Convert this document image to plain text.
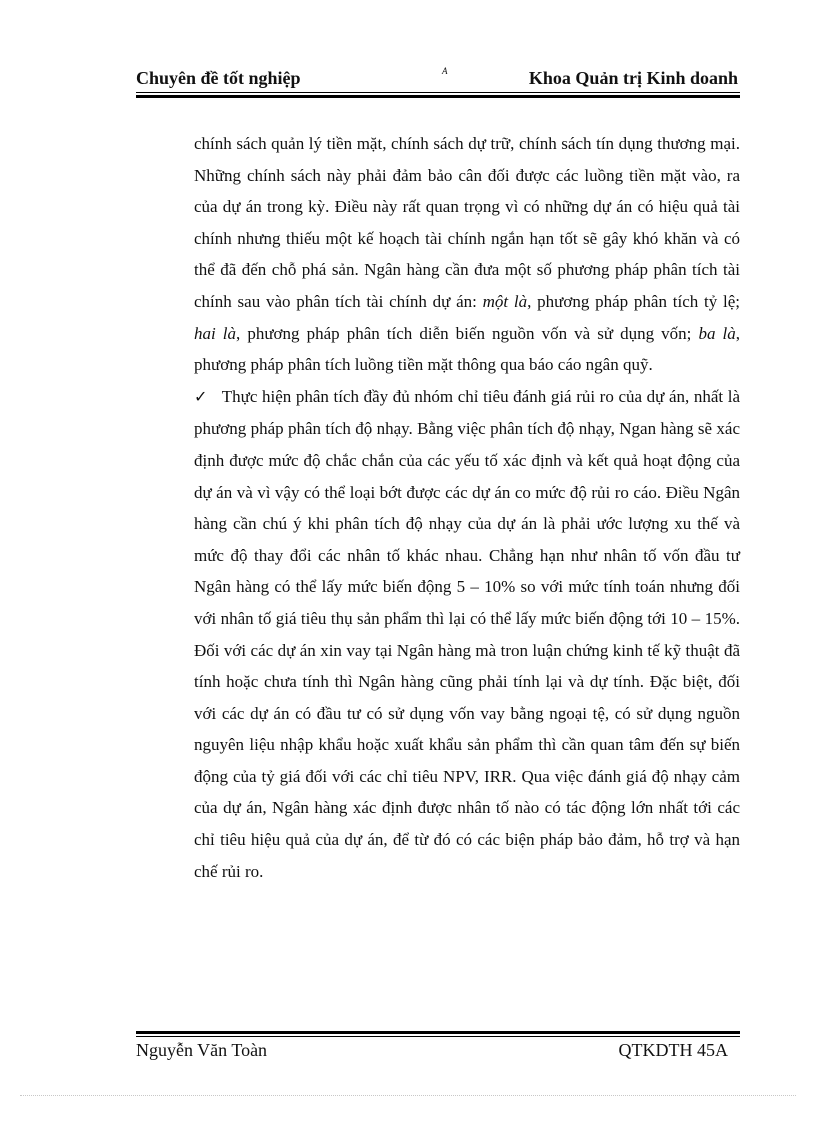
Chuyên đề tốt nghiệp	A	Khoa Quản trị Kinh doanh

chính sách quản lý tiền mặt, chính sách dự trữ, chính sách tín dụng thương mại. Những chính sách này phải đảm bảo cân đối được các luồng tiền mặt vào, ra của dự án trong kỳ. Điều này rất quan trọng vì có những dự án có hiệu quả tài chính nhưng thiếu một kế hoạch tài chính ngắn hạn tốt sẽ gây khó khăn và có thể đã đến chỗ phá sản. Ngân hàng cần đưa một số phương pháp phân tích tài chính sau vào phân tích tài chính dự án: một là, phương pháp phân tích tỷ lệ; hai là, phương pháp phân tích diễn biến nguồn vốn và sử dụng vốn; ba là, phương pháp phân tích luồng tiền mặt thông qua báo cáo ngân quỹ.

✓ Thực hiện phân tích đầy đủ nhóm chỉ tiêu đánh giá rủi ro của dự án, nhất là phương pháp phân tích độ nhạy. Bằng việc phân tích độ nhạy, Ngan hàng sẽ xác định được mức độ chắc chắn của các yếu tố xác định và kết quả hoạt động của dự án và vì vậy có thể loại bớt được các dự án co mức độ rủi ro cáo. Điều Ngân hàng cần chú ý khi phân tích độ nhạy của dự án là phải ước lượng xu thế và mức độ thay đổi các nhân tố khác nhau. Chẳng hạn như nhân tố vốn đầu tư Ngân hàng có thể lấy mức biến động 5 – 10% so với mức tính toán nhưng đối với nhân tố giá tiêu thụ sản phẩm thì lại có thể lấy mức biến động tới 10 – 15%. Đối với các dự án xin vay tại Ngân hàng mà tron luận chứng kinh tế kỹ thuật đã tính hoặc chưa tính thì Ngân hàng cũng phải tính lại và dự tính. Đặc biệt, đối với các dự án có đầu tư có sử dụng vốn vay bằng ngoại tệ, có sử dụng nguồn nguyên liệu nhập khẩu hoặc xuất khẩu sản phẩm thì cần quan tâm đến sự biến động của tỷ giá đối với các chỉ tiêu NPV, IRR. Qua việc đánh giá độ nhạy cảm của dự án, Ngân hàng xác định được nhân tố nào có tác động lớn nhất tới các chỉ tiêu hiệu quả của dự án, để từ đó có các biện pháp bảo đảm, hỗ trợ và hạn chế rủi ro.

Nguyễn Văn Toàn	QTKDTH 45A
